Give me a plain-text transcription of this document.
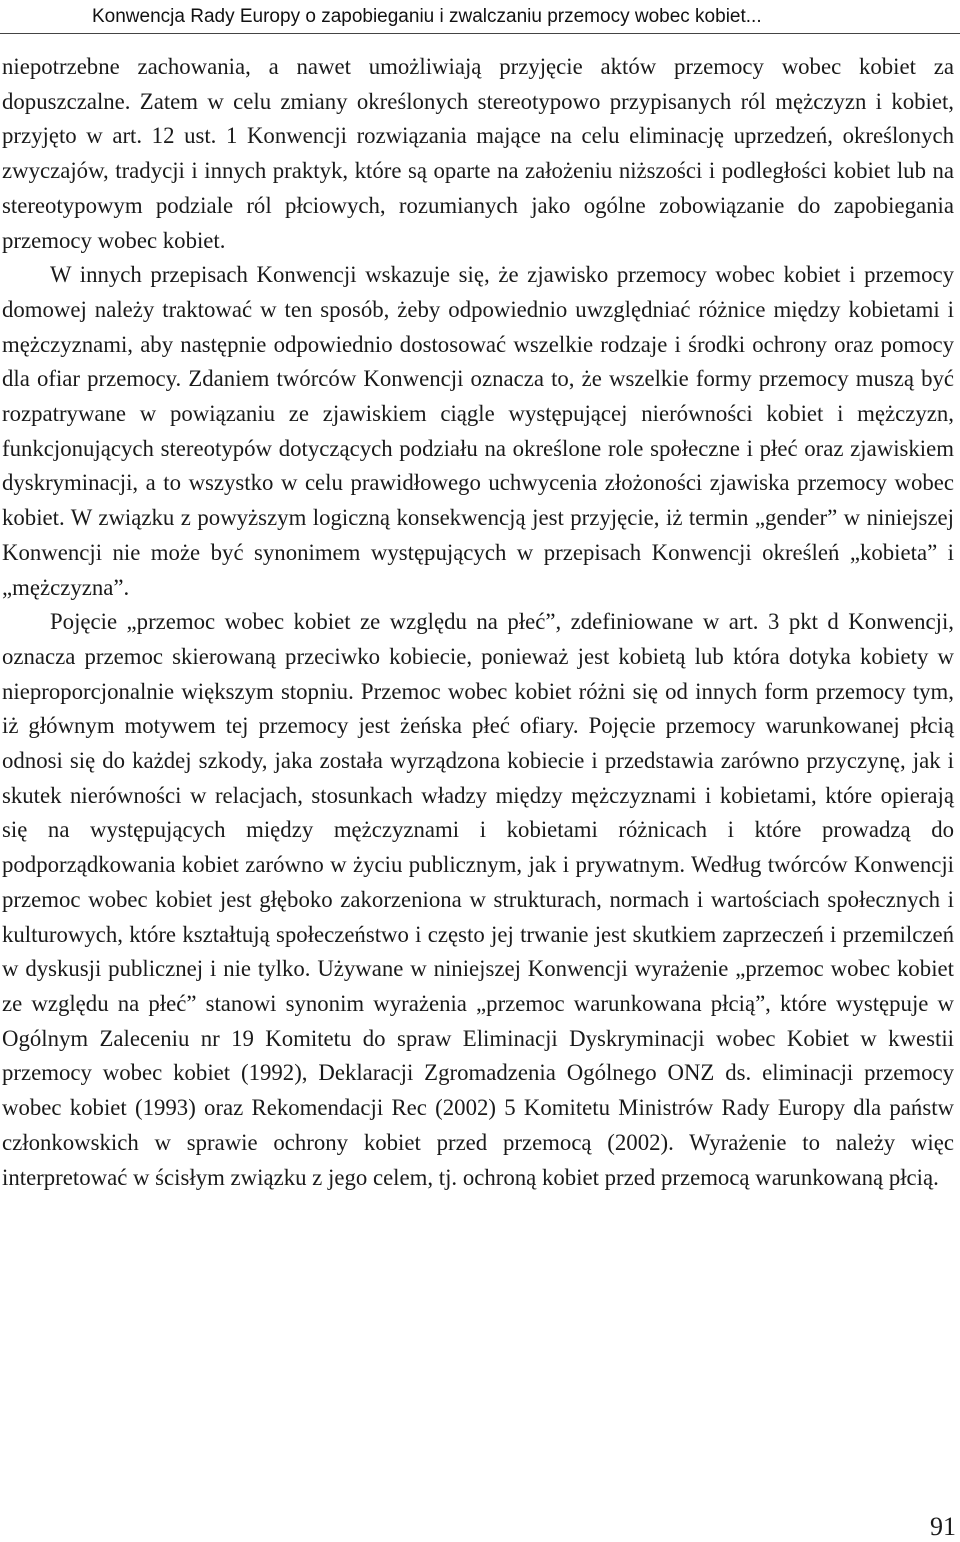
Konwencja Rady Europy o zapobieganiu i zwalczaniu przemocy wobec kobiet...

niepotrzebne zachowania, a nawet umożliwiają przyjęcie aktów przemocy wobec kobiet za dopuszczalne. Zatem w celu zmiany określonych stereotypowo przypisanych ról mężczyzn i kobiet, przyjęto w art. 12 ust. 1 Konwencji rozwiązania mające na celu eliminację uprzedzeń, określonych zwyczajów, tradycji i innych praktyk, które są oparte na założeniu niższości i podległości kobiet lub na stereotypowym podziale ról płciowych, rozumianych jako ogólne zobowiązanie do zapobiegania przemocy wobec kobiet.

W innych przepisach Konwencji wskazuje się, że zjawisko przemocy wobec kobiet i przemocy domowej należy traktować w ten sposób, żeby odpowiednio uwzględniać różnice między kobietami i mężczyznami, aby następnie odpowiednio dostosować wszelkie rodzaje i środki ochrony oraz pomocy dla ofiar przemocy. Zdaniem twórców Konwencji oznacza to, że wszelkie formy przemocy muszą być rozpatrywane w powiązaniu ze zjawiskiem ciągle występującej nierówności kobiet i mężczyzn, funkcjonujących stereotypów dotyczących podziału na określone role społeczne i płeć oraz zjawiskiem dyskryminacji, a to wszystko w celu prawidłowego uchwycenia złożoności zjawiska przemocy wobec kobiet. W związku z powyższym logiczną konsekwencją jest przyjęcie, iż termin „gender” w niniejszej Konwencji nie może być synonimem występujących w przepisach Konwencji określeń „kobieta” i „mężczyzna”.

Pojęcie „przemoc wobec kobiet ze względu na płeć”, zdefiniowane w art. 3 pkt d Konwencji, oznacza przemoc skierowaną przeciwko kobiecie, ponieważ jest kobietą lub która dotyka kobiety w nieproporcjonalnie większym stopniu. Przemoc wobec kobiet różni się od innych form przemocy tym, iż głównym motywem tej przemocy jest żeńska płeć ofiary. Pojęcie przemocy warunkowanej płcią odnosi się do każdej szkody, jaka została wyrządzona kobiecie i przedstawia zarówno przyczynę, jak i skutek nierówności w relacjach, stosunkach władzy między mężczyznami i kobietami, które opierają się na występujących między mężczyznami i kobietami różnicach i które prowadzą do podporządkowania kobiet zarówno w życiu publicznym, jak i prywatnym. Według twórców Konwencji przemoc wobec kobiet jest głęboko zakorzeniona w strukturach, normach i wartościach społecznych i kulturowych, które kształtują społeczeństwo i często jej trwanie jest skutkiem zaprzeczeń i przemilczeń w dyskusji publicznej i nie tylko. Używane w niniejszej Konwencji wyrażenie „przemoc wobec kobiet ze względu na płeć” stanowi synonim wyrażenia „przemoc warunkowana płcią”, które występuje w Ogólnym Zaleceniu nr 19 Komitetu do spraw Eliminacji Dyskryminacji wobec Kobiet w kwestii przemocy wobec kobiet (1992), Deklaracji Zgromadzenia Ogólnego ONZ ds. eliminacji przemocy wobec kobiet (1993) oraz Rekomendacji Rec (2002) 5 Komitetu Ministrów Rady Europy dla państw członkowskich w sprawie ochrony kobiet przed przemocą (2002). Wyrażenie to należy więc interpretować w ścisłym związku z jego celem, tj. ochroną kobiet przed przemocą warunkowaną płcią.

91
